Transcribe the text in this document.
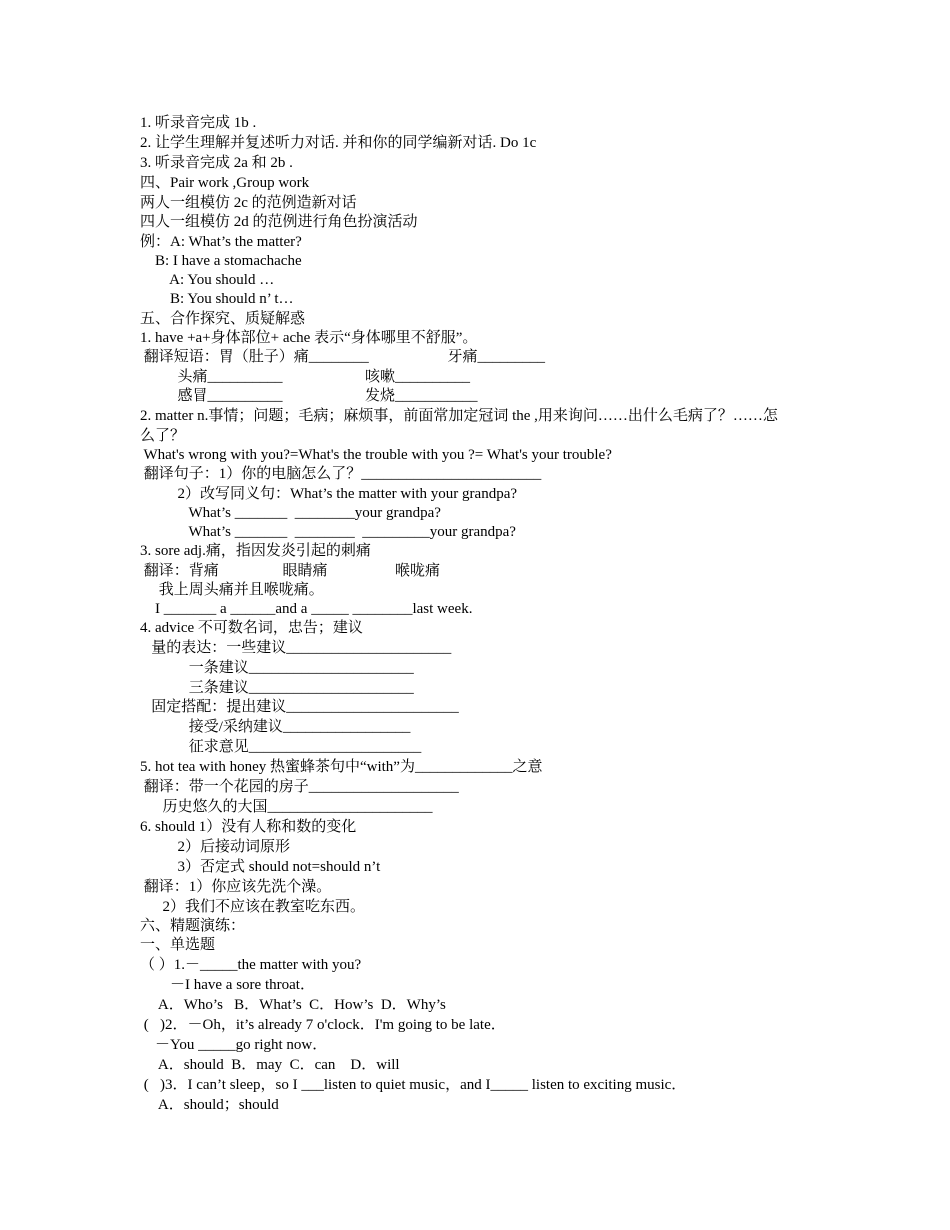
1. 听录音完成 1b .
2. 让学生理解并复述听力对话. 并和你的同学编新对话. Do 1c
3. 听录音完成 2a 和 2b .
四、Pair work ,Group work
两人一组模仿 2c 的范例造新对话
四人一组模仿 2d 的范例进行角色扮演活动
例：A: What’s the matter?
B: I have a stomachache
A: You should …
B: You should n’ t…
五、合作探究、质疑解惑
1. have +a+身体部位+ ache 表示“身体哪里不舒服”。
翻译短语：胃（肚子）痛________                     牙痛_________
头痛__________                      咳嗽__________
感冒__________                      发烧___________
2. matter n.事情；问题；毛病；麻烦事，前面常加定冠词 the ,用来询问……出什么毛病了？……怎
么了？
What's wrong with you?=What's the trouble with you ?= What's your trouble?
翻译句子：1）你的电脑怎么了？________________________
2）改写同义句：What’s the matter with your grandpa?
What’s _______  ________your grandpa?
What’s _______  ________  _________your grandpa?
3. sore adj.痛，指因发炎引起的刺痛
翻译：背痛                 眼睛痛                  喉咙痛
我上周头痛并且喉咙痛。
I _______ a ______and a _____ ________last week.
4. advice 不可数名词，忠告；建议
量的表达：一些建议______________________
一条建议______________________
三条建议______________________
固定搭配：提出建议_______________________
接受/采纳建议_________________
征求意见_______________________
5. hot tea with honey 热蜜蜂茶句中“with”为_____________之意
翻译：带一个花园的房子____________________
历史悠久的大国______________________
6. should 1）没有人称和数的变化
2）后接动词原形
3）否定式 should not=should n’t
翻译：1）你应该先洗个澡。
2）我们不应该在教室吃东西。
六、精题演练：
一、单选题
（ ）1.－_____the matter with you?
－I have a sore throat．
A．Who’s   B．What’s  C．How’s  D．Why’s
(   )2．－Oh，it’s already 7 o'clock．I'm going to be late．
－You _____go right now．
A．should  B．may  C．can    D．will
(   )3．I can’t sleep，so I ___listen to quiet music，and I_____ listen to exciting music．
A．should；should
